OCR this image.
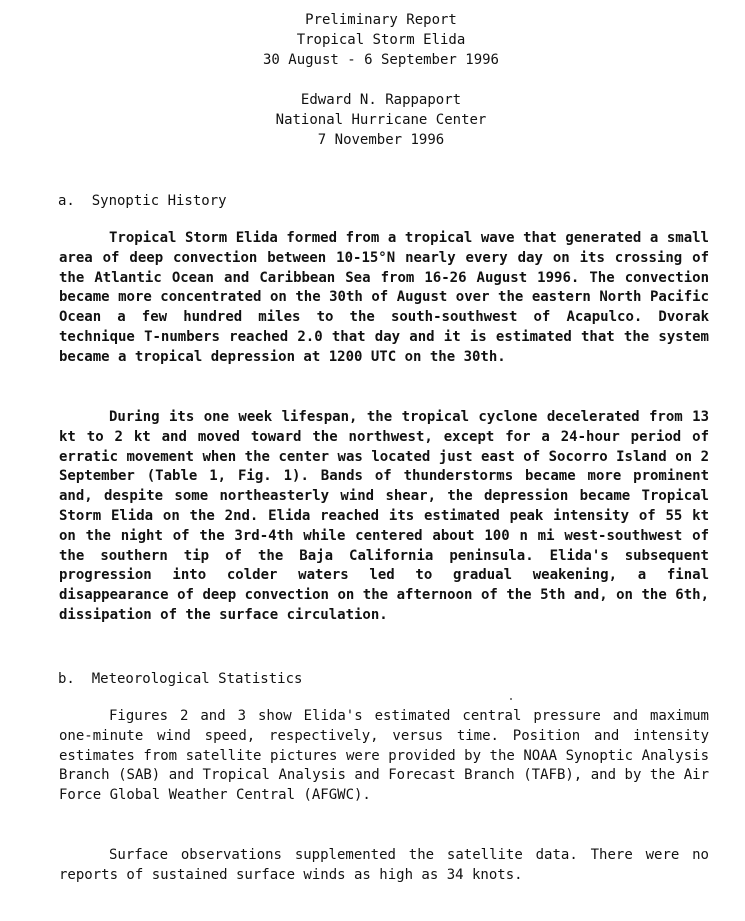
Preliminary Report
Tropical Storm Elida
30 August - 6 September 1996
Edward N. Rappaport
National Hurricane Center
7 November 1996
a.  Synoptic History

Tropical Storm Elida formed from a tropical wave that generated a small area of deep convection between 10-15°N nearly every day on its crossing of the Atlantic Ocean and Caribbean Sea from 16-26 August 1996. The convection became more concentrated on the 30th of August over the eastern North Pacific Ocean a few hundred miles to the south-southwest of Acapulco. Dvorak technique T-numbers reached 2.0 that day and it is estimated that the system became a tropical depression at 1200 UTC on the 30th.

During its one week lifespan, the tropical cyclone decelerated from 13 kt to 2 kt and moved toward the northwest, except for a 24-hour period of erratic movement when the center was located just east of Socorro Island on 2 September (Table 1, Fig. 1). Bands of thunderstorms became more prominent and, despite some northeasterly wind shear, the depression became Tropical Storm Elida on the 2nd. Elida reached its estimated peak intensity of 55 kt on the night of the 3rd-4th while centered about 100 n mi west-southwest of the southern tip of the Baja California peninsula. Elida's subsequent progression into colder waters led to gradual weakening, a final disappearance of deep convection on the afternoon of the 5th and, on the 6th, dissipation of the surface circulation.

b.  Meteorological Statistics

Figures 2 and 3 show Elida's estimated central pressure and maximum one-minute wind speed, respectively, versus time. Position and intensity estimates from satellite pictures were provided by the NOAA Synoptic Analysis Branch (SAB) and Tropical Analysis and Forecast Branch (TAFB), and by the Air Force Global Weather Central (AFGWC).

Surface observations supplemented the satellite data. There were no reports of sustained surface winds as high as 34 knots.
